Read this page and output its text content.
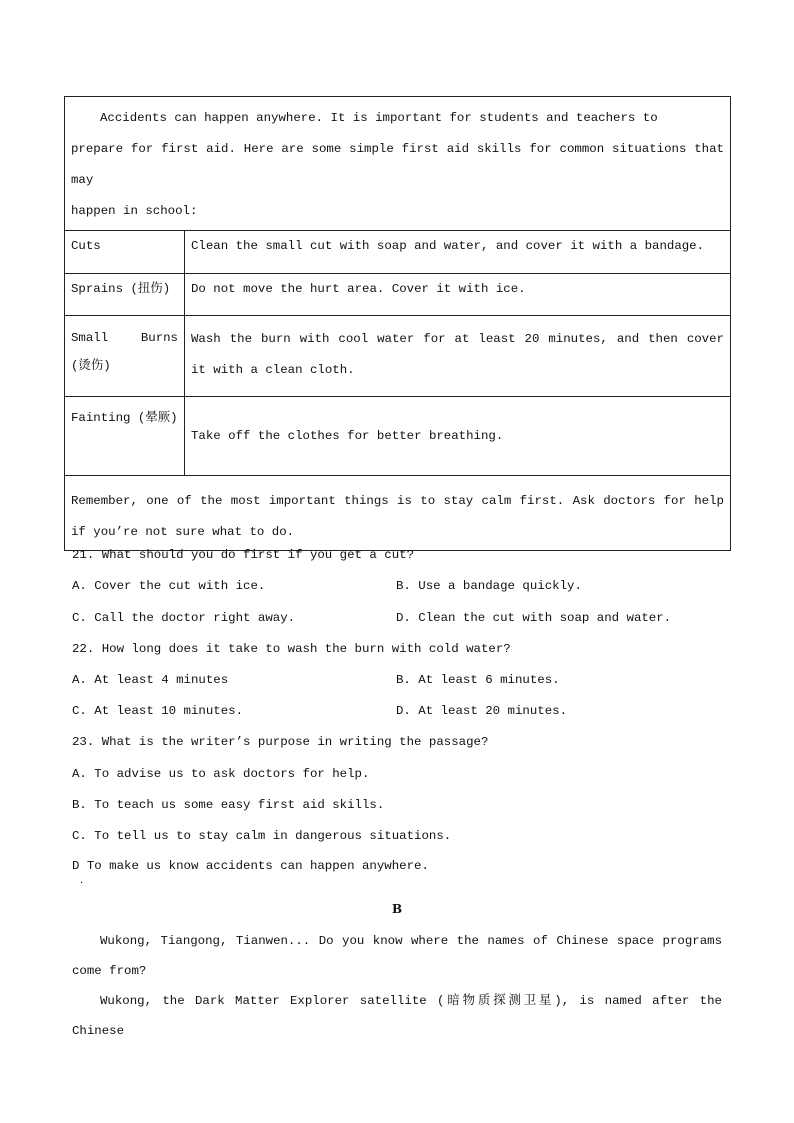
Accidents can happen anywhere. It is important for students and teachers to
prepare for first aid. Here are some simple first aid skills for common situations that may
happen in school:	

Cuts	Clean the small cut with soap and water, and cover it with a bandage.
Sprains (扭伤)	Do not move the hurt area. Cover it with ice.
Small Burns (烫伤)	Wash the burn with cool water for at least 20 minutes, and then cover it with a clean cloth.
Fainting (晕厥)	Take off the clothes for better breathing.
Remember, one of the most important things is to stay calm first. Ask doctors for help if you’re not sure what to do.	
21. What should you do first if you get a cut?
A. Cover the cut with ice.	B. Use a bandage quickly.
C. Call the doctor right away.	D. Clean the cut with soap and water.
22. How long does it take to wash the burn with cold water?
A. At least 4 minutes	B. At least 6 minutes.
C. At least 10 minutes.	D. At least 20 minutes.
23. What is the writer’s purpose in writing the passage?
A. To advise us to ask doctors for help.
B. To teach us some easy first aid skills.
C. To tell us to stay calm in dangerous situations.
D To make us know accidents can happen anywhere.
·
B
Wukong, Tiangong, Tianwen... Do you know where the names of Chinese space programs come from?
Wukong, the Dark Matter Explorer satellite (暗物质探测卫星), is named after the Chinese
